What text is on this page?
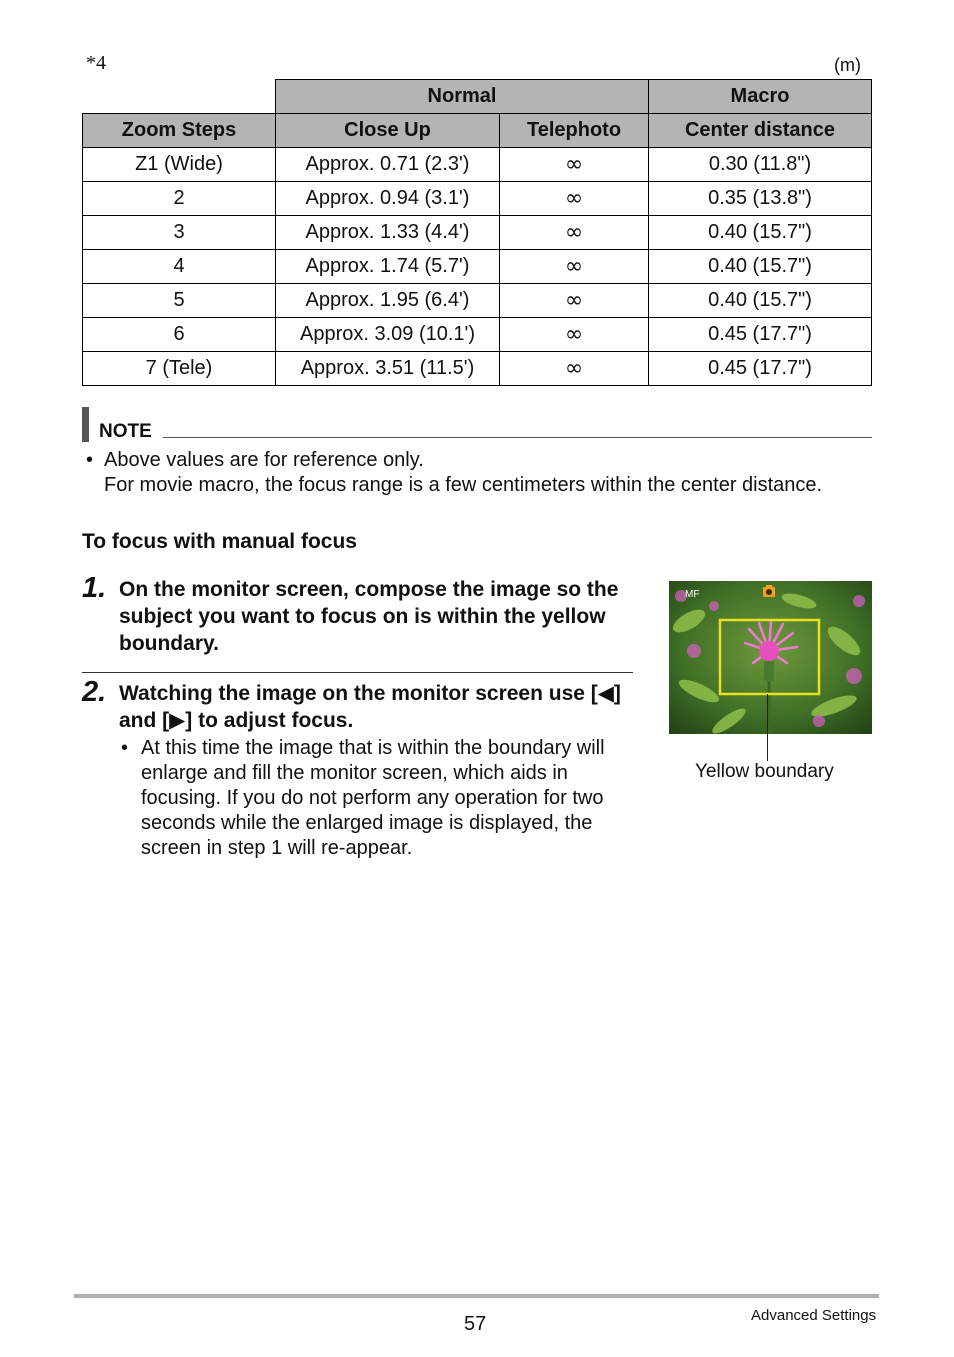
*4	(m)
	Normal		Macro
Zoom Steps	Close Up	Telephoto	Center distance
Z1 (Wide)	Approx. 0.71 (2.3')	∞	0.30 (11.8")
2	Approx. 0.94 (3.1')	∞	0.35 (13.8")
3	Approx. 1.33 (4.4')	∞	0.40 (15.7")
4	Approx. 1.74 (5.7')	∞	0.40 (15.7")
5	Approx. 1.95 (6.4')	∞	0.40 (15.7")
6	Approx. 3.09 (10.1')	∞	0.45 (17.7")
7 (Tele)	Approx. 3.51 (11.5')	∞	0.45 (17.7")
NOTE
• Above values are for reference only.
For movie macro, the focus range is a few centimeters within the center distance.
To focus with manual focus
1. On the monitor screen, compose the image so the subject you want to focus on is within the yellow boundary.
2. Watching the image on the monitor screen use [◀] and [▶] to adjust focus.
• At this time the image that is within the boundary will enlarge and fill the monitor screen, which aids in focusing. If you do not perform any operation for two seconds while the enlarged image is displayed, the screen in step 1 will re-appear.
MF
Yellow boundary
57	Advanced Settings
